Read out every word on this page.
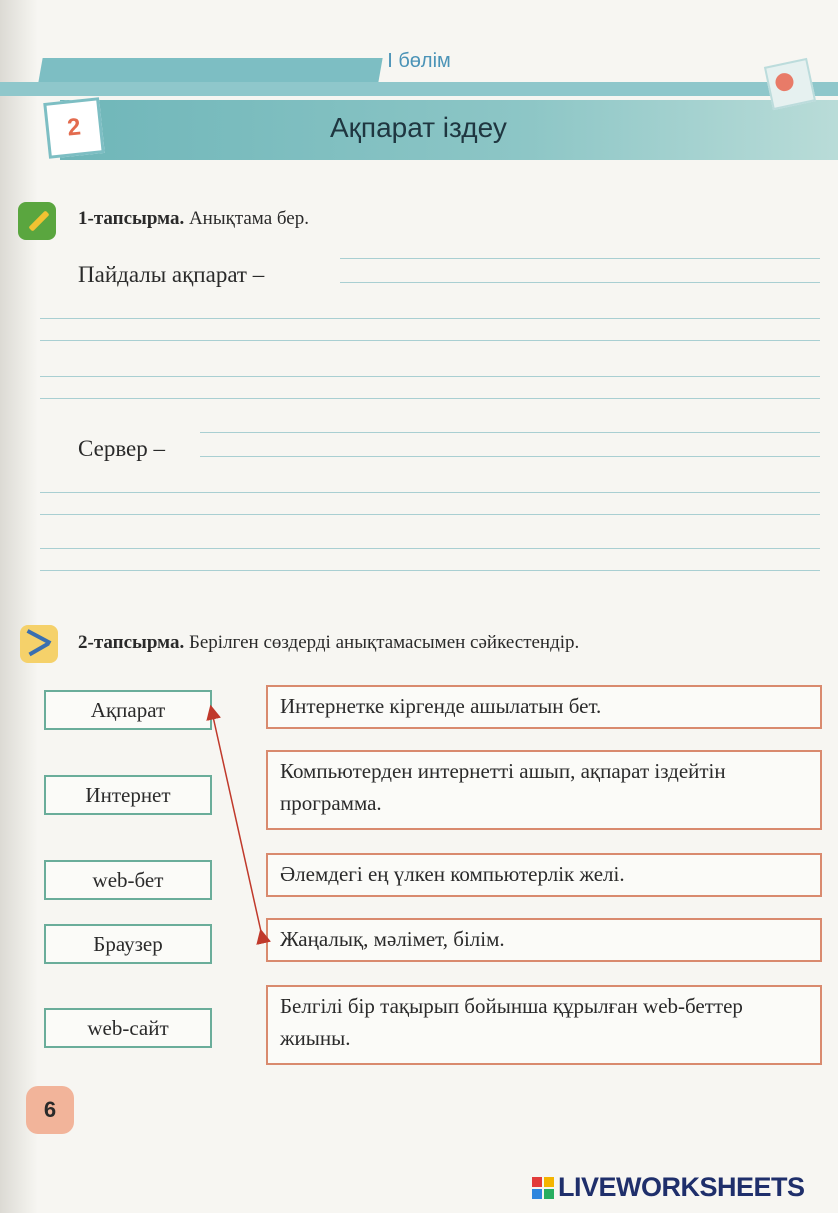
І бөлім
2	Ақпарат іздеу
1-тапсырма. Анықтама бер.
Пайдалы ақпарат –
Сервер –
2-тапсырма. Берілген сөздерді анықтамасымен сәйкестендір.
Ақпарат
Интернет
web-бет
Браузер
web-сайт
Интернетке кіргенде ашылатын бет.
Компьютерден интернетті ашып, ақпарат іздейтін программа.
Әлемдегі ең үлкен компьютерлік желі.
Жаңалық, мәлімет, білім.
Белгілі бір тақырып бойынша құрылған web-беттер жиыны.
6
LIVEWORKSHEETS
